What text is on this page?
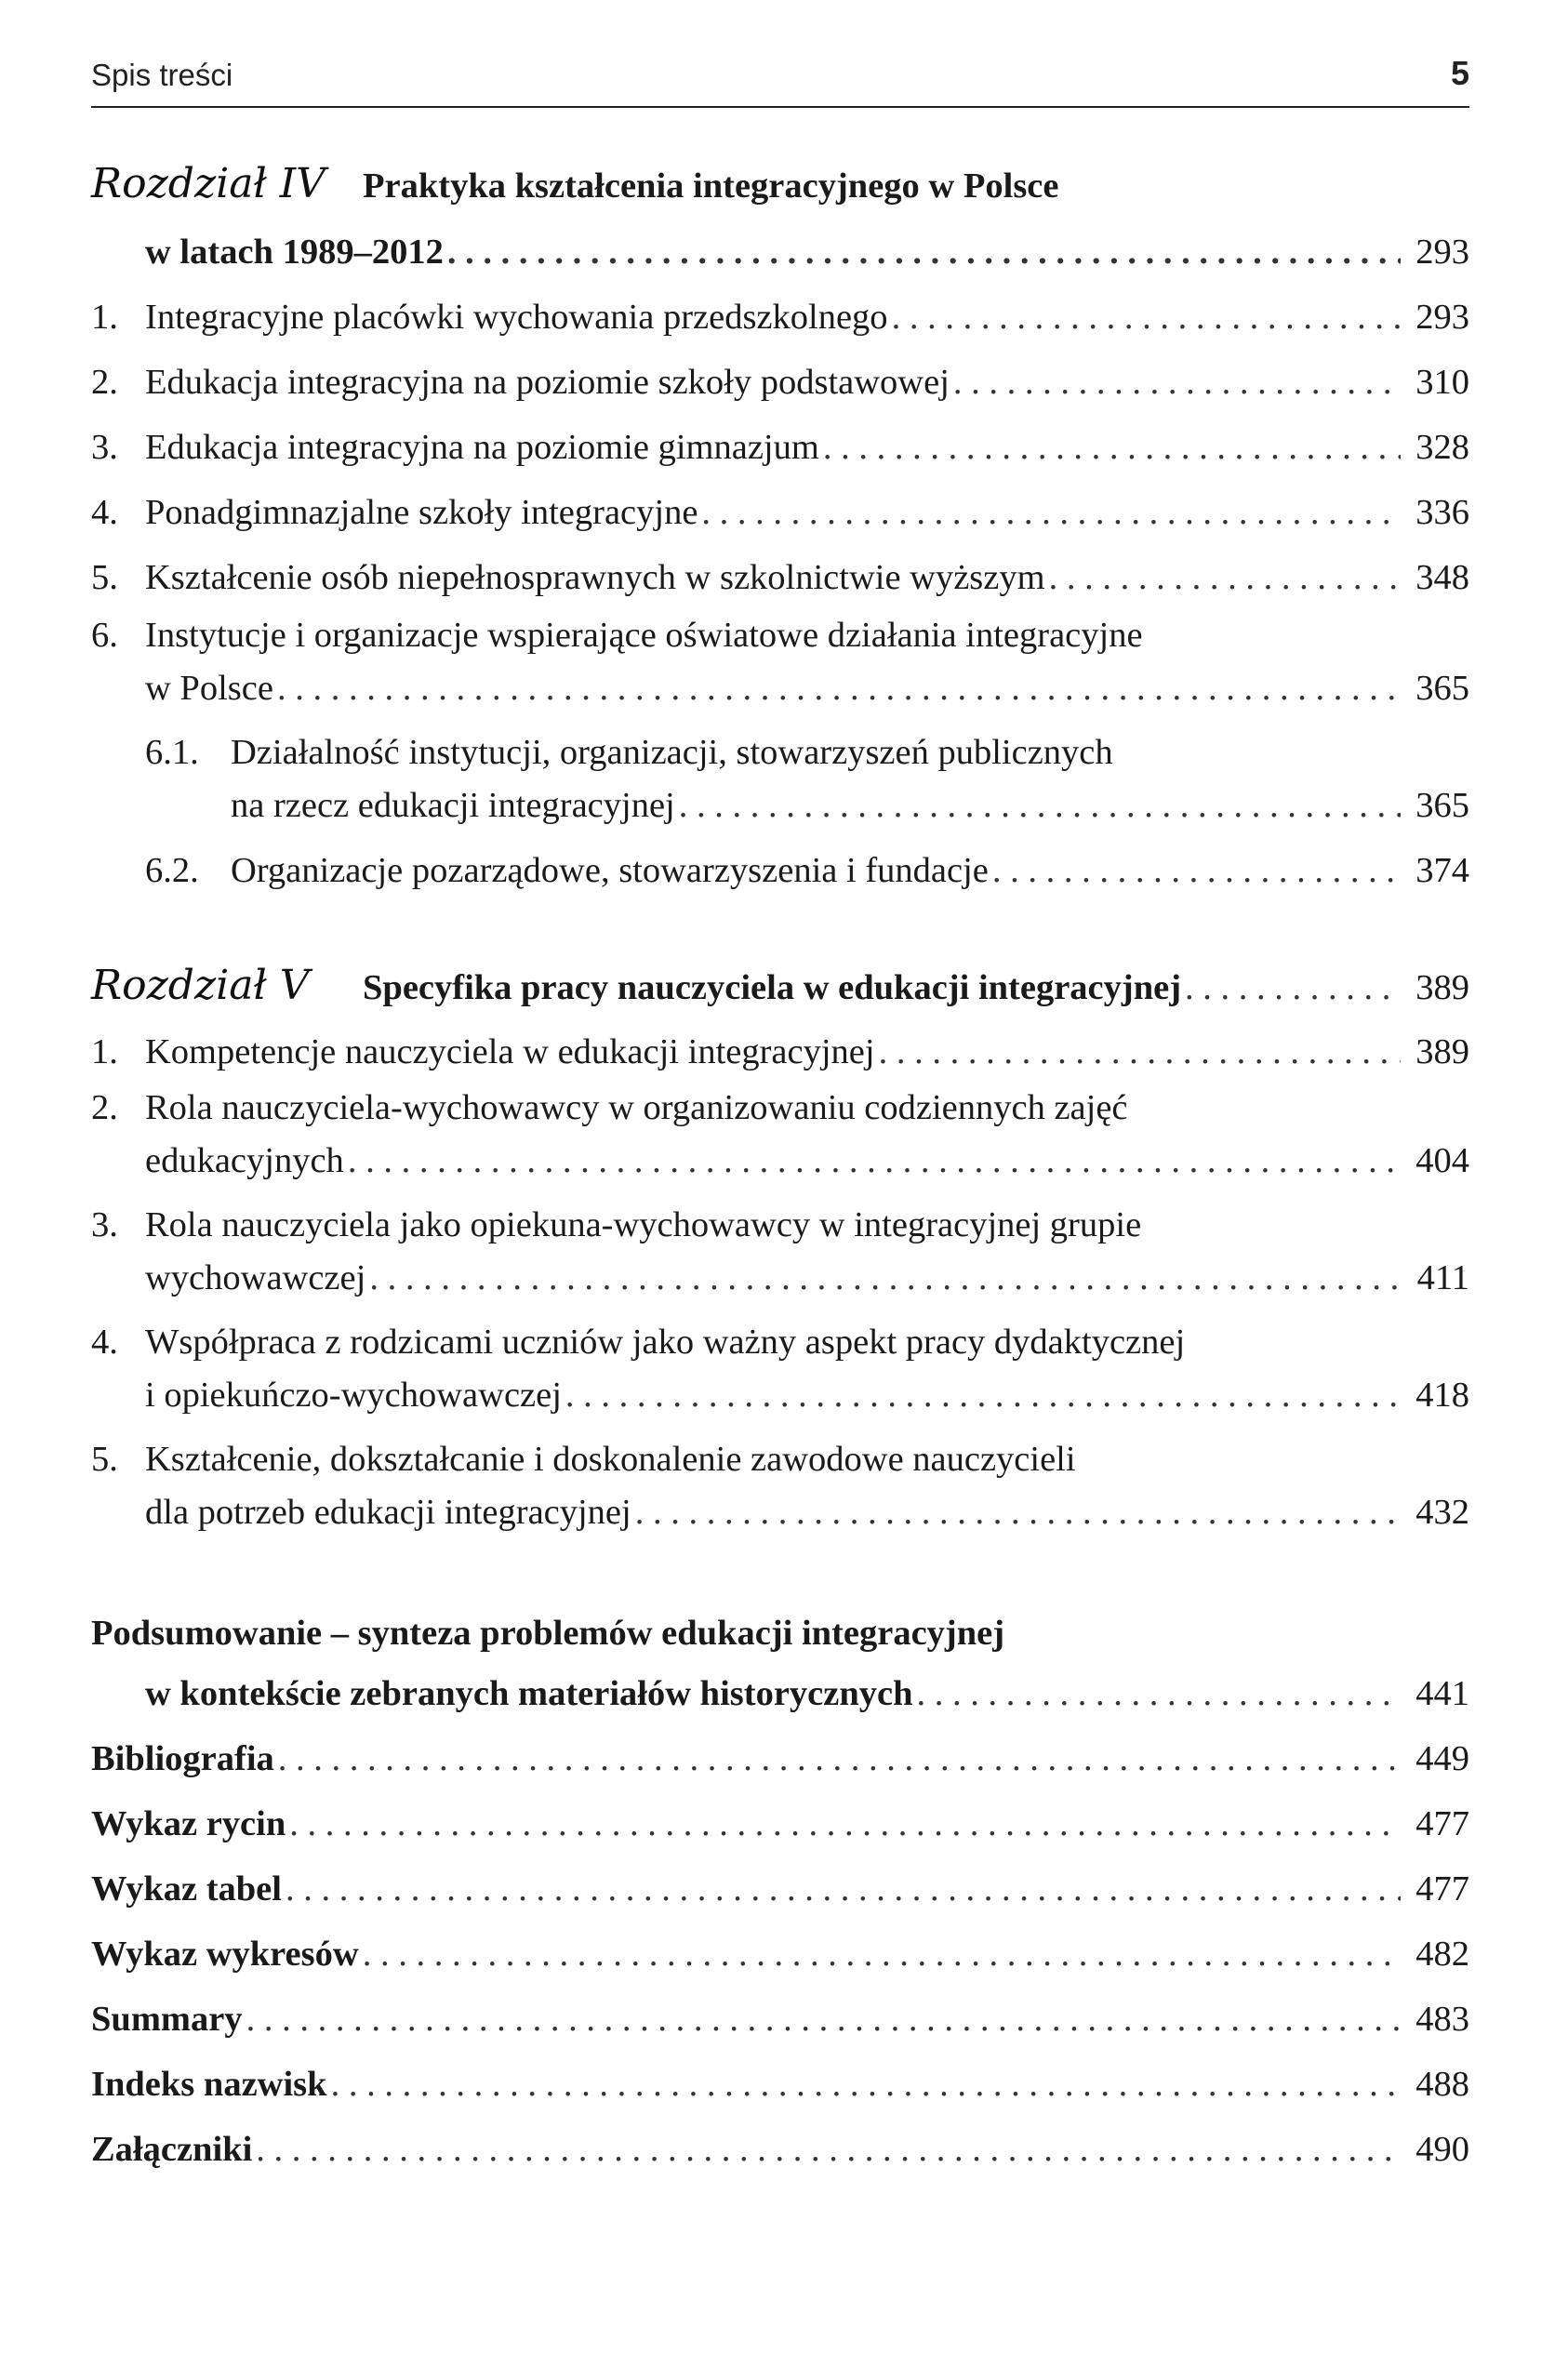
Spis treści	5
Rozdział IV	Praktyka kształcenia integracyjnego w Polsce
w latach 1989–2012 . . .	293
1. Integracyjne placówki wychowania przedszkolnego . . .	293
2. Edukacja integracyjna na poziomie szkoły podstawowej . . .	310
3. Edukacja integracyjna na poziomie gimnazjum . . .	328
4. Ponadgimnazjalne szkoły integracyjne . . .	336
5. Kształcenie osób niepełnosprawnych w szkolnictwie wyższym . . .	348
6. Instytucje i organizacje wspierające oświatowe działania integracyjne
w Polsce . . .	365
6.1. Działalność instytucji, organizacji, stowarzyszeń publicznych
na rzecz edukacji integracyjnej . . .	365
6.2. Organizacje pozarządowe, stowarzyszenia i fundacje . . .	374
Rozdział V	Specyfika pracy nauczyciela w edukacji integracyjnej . . .	389
1. Kompetencje nauczyciela w edukacji integracyjnej . . .	389
2. Rola nauczyciela-wychowawcy w organizowaniu codziennych zajęć
edukacyjnych . . .	404
3. Rola nauczyciela jako opiekuna-wychowawcy w integracyjnej grupie
wychowawczej . . .	411
4. Współpraca z rodzicami uczniów jako ważny aspekt pracy dydaktycznej
i opiekuńczo-wychowawczej . . .	418
5. Kształcenie, dokształcanie i doskonalenie zawodowe nauczycieli
dla potrzeb edukacji integracyjnej . . .	432
Podsumowanie – synteza problemów edukacji integracyjnej
w kontekście zebranych materiałów historycznych . . .	441
Bibliografia . . .	449
Wykaz rycin . . .	477
Wykaz tabel . . .	477
Wykaz wykresów . . .	482
Summary . . .	483
Indeks nazwisk . . .	488
Załączniki . . .	490
